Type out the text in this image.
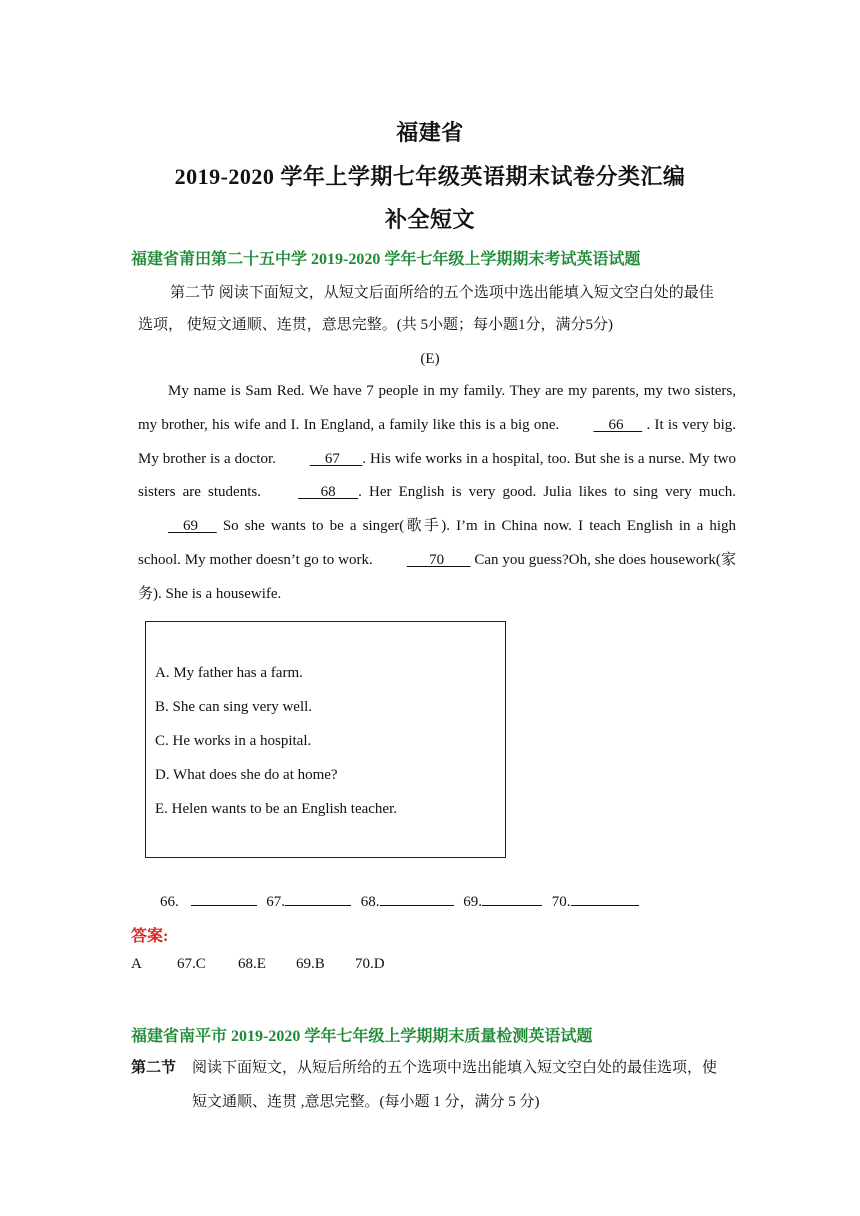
福建省
2019-2020 学年上学期七年级英语期末试卷分类汇编
补全短文
福建省莆田第二十五中学 2019-2020 学年七年级上学期期末考试英语试题
第二节 阅读下面短文，从短文后面所给的五个选项中选出能填入短文空白处的最佳
选项， 使短文通顺、连贯，意思完整。(共 5小题；每小题1分，满分5分)
(E)
My name is Sam Red. We have 7 people in my family. They are my parents, my two sisters, my brother, his wife and I. In England, a family like this is a big one.     66      . It is very big. My brother is a doctor.     67      . His wife works in a hospital, too. But she is a nurse. My two sisters are students.       68      . Her English is very good. Julia likes to sing very much.     69      So she wants to be a singer(歌手). I’m in China now. I teach English in a high school. My mother doesn’t go to work.       70        Can you guess?Oh, she does housework(家务). She is a housewife.
A. My father has a farm.
B. She can sing very well.
C. He works in a hospital.
D. What does she do at home?
E. Helen wants to be an English teacher.
66.	67.	68.	69.	70.
答案:
A 67.C 68.E 69.B 70.D
福建省南平市 2019-2020 学年七年级上学期期末质量检测英语试题
第二节 阅读下面短文，从短后所给的五个选项中选出能填入短文空白处的最佳选项，使
短文通顺、连贯 ,意思完整。(每小题 1 分，满分 5 分)
